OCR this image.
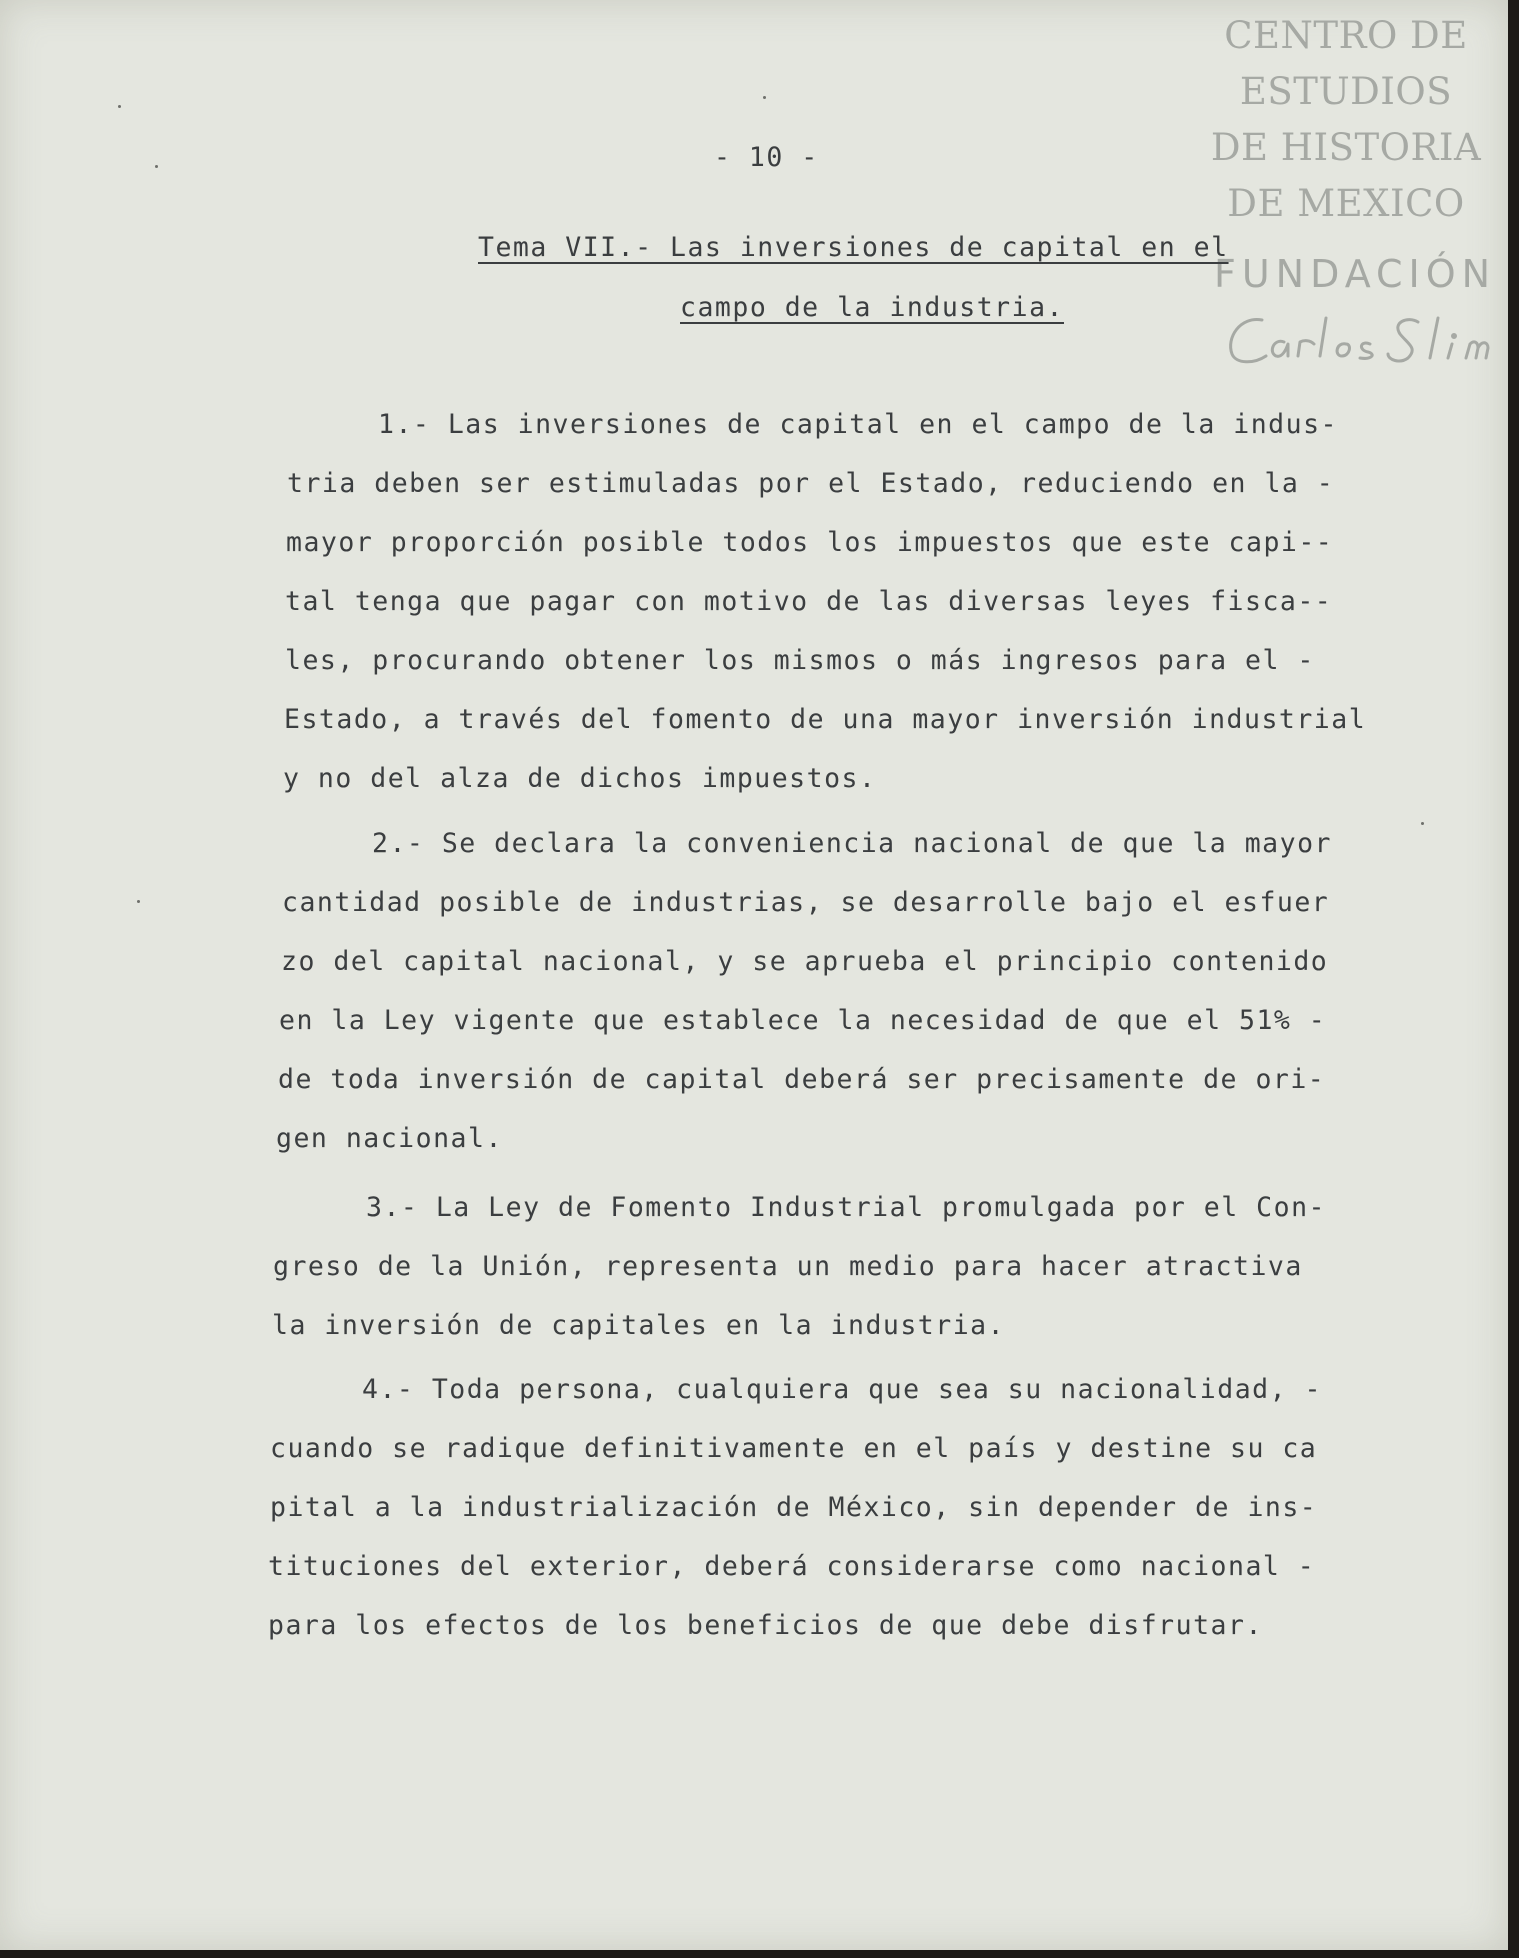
CENTRO DE
ESTUDIOS
DE HISTORIA
DE MEXICO
FUNDACIÓN
- 10 -
Tema VII.- Las inversiones de capital en el
campo de la industria.
1.- Las inversiones de capital en el campo de la indus-
tria deben ser estimuladas por el Estado, reduciendo en la -
mayor proporción posible todos los impuestos que este capi--
tal tenga que pagar con motivo de las diversas leyes fisca--
les, procurando obtener los mismos o más ingresos para el -
Estado, a través del fomento de una mayor inversión industrial
y no del alza de dichos impuestos.
2.- Se declara la conveniencia nacional de que la mayor
cantidad posible de industrias, se desarrolle bajo el esfuer
zo del capital nacional, y se aprueba el principio contenido
en la Ley vigente que establece la necesidad de que el 51% -
de toda inversión de capital deberá ser precisamente de ori-
gen nacional.
3.- La Ley de Fomento Industrial promulgada por el Con-
greso de la Unión, representa un medio para hacer atractiva
la inversión de capitales en la industria.
4.- Toda persona, cualquiera que sea su nacionalidad, -
cuando se radique definitivamente en el país y destine su ca
pital a la industrialización de México, sin depender de ins-
tituciones del exterior, deberá considerarse como nacional -
para los efectos de los beneficios de que debe disfrutar.
